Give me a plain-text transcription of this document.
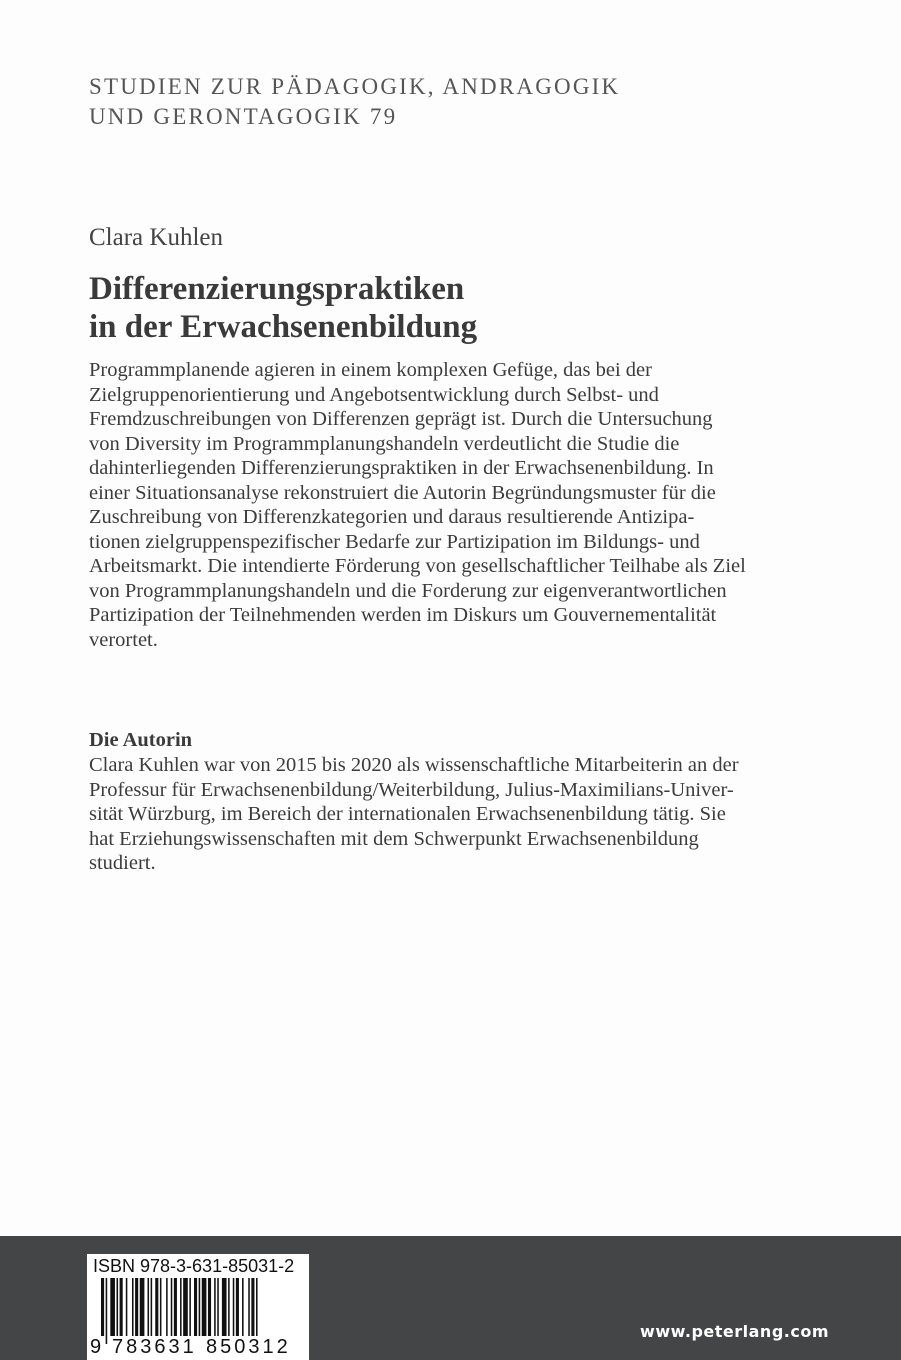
STUDIEN ZUR PÄDAGOGIK, ANDRAGOGIK
UND GERONTAGOGIK 79
Clara Kuhlen
Differenzierungspraktiken
in der Erwachsenenbildung
Programmplanende agieren in einem komplexen Gefüge, das bei der
Zielgruppenorientierung und Angebotsentwicklung durch Selbst- und
Fremdzuschreibungen von Differenzen geprägt ist. Durch die Untersuchung
von Diversity im Programmplanungshandeln verdeutlicht die Studie die
dahinterliegenden Differenzierungspraktiken in der Erwachsenenbildung. In
einer Situationsanalyse rekonstruiert die Autorin Begründungsmuster für die
Zuschreibung von Differenzkategorien und daraus resultierende Antizipa-
tionen zielgruppenspezifischer Bedarfe zur Partizipation im Bildungs- und
Arbeitsmarkt. Die intendierte Förderung von gesellschaftlicher Teilhabe als Ziel
von Programmplanungshandeln und die Forderung zur eigenverantwortlichen
Partizipation der Teilnehmenden werden im Diskurs um Gouvernementalität
verortet.
Die Autorin
Clara Kuhlen war von 2015 bis 2020 als wissenschaftliche Mitarbeiterin an der
Professur für Erwachsenenbildung/Weiterbildung, Julius-Maximilians-Univer-
sität Würzburg, im Bereich der internationalen Erwachsenenbildung tätig. Sie
hat Erziehungswissenschaften mit dem Schwerpunkt Erwachsenenbildung
studiert.
ISBN 978-3-631-85031-2
9 783631 850312
www.peterlang.com
